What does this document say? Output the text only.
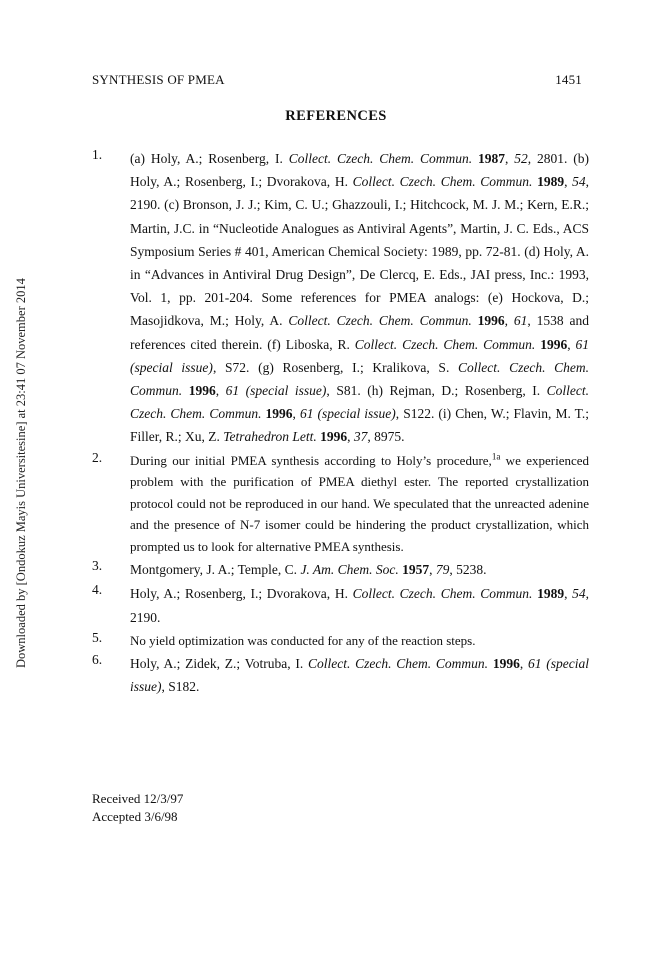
SYNTHESIS OF PMEA	1451
REFERENCES
Downloaded by [Ondokuz Mayis Universitesine] at 23:41 07 November 2014
1. (a) Holy, A.; Rosenberg, I. Collect. Czech. Chem. Commun. 1987, 52, 2801. (b) Holy, A.; Rosenberg, I.; Dvorakova, H. Collect. Czech. Chem. Commun. 1989, 54, 2190. (c) Bronson, J. J.; Kim, C. U.; Ghazzouli, I.; Hitchcock, M. J. M.; Kern, E.R.; Martin, J.C. in “Nucleotide Analogues as Antiviral Agents”, Martin, J. C. Eds., ACS Symposium Series # 401, American Chemical Society: 1989, pp. 72-81. (d) Holy, A. in “Advances in Antiviral Drug Design”, De Clercq, E. Eds., JAI press, Inc.: 1993, Vol. 1, pp. 201-204. Some references for PMEA analogs: (e) Hockova, D.; Masojidkova, M.; Holy, A. Collect. Czech. Chem. Commun. 1996, 61, 1538 and references cited therein. (f) Liboska, R. Collect. Czech. Chem. Commun. 1996, 61 (special issue), S72. (g) Rosenberg, I.; Kralikova, S. Collect. Czech. Chem. Commun. 1996, 61 (special issue), S81. (h) Rejman, D.; Rosenberg, I. Collect. Czech. Chem. Commun. 1996, 61 (special issue), S122. (i) Chen, W.; Flavin, M. T.; Filler, R.; Xu, Z. Tetrahedron Lett. 1996, 37, 8975.
2. During our initial PMEA synthesis according to Holy’s procedure,$^{1a}$ we experienced problem with the purification of PMEA diethyl ester. The reported crystallization protocol could not be reproduced in our hand. We speculated that the unreacted adenine and the presence of N-7 isomer could be hindering the product crystallization, which prompted us to look for alternative PMEA synthesis.
3. Montgomery, J. A.; Temple, C. J. Am. Chem. Soc. 1957, 79, 5238.
4. Holy, A.; Rosenberg, I.; Dvorakova, H. Collect. Czech. Chem. Commun. 1989, 54, 2190.
5. No yield optimization was conducted for any of the reaction steps.
6. Holy, A.; Zidek, Z.; Votruba, I. Collect. Czech. Chem. Commun. 1996, 61 (special issue), S182.
Received 12/3/97
Accepted 3/6/98
